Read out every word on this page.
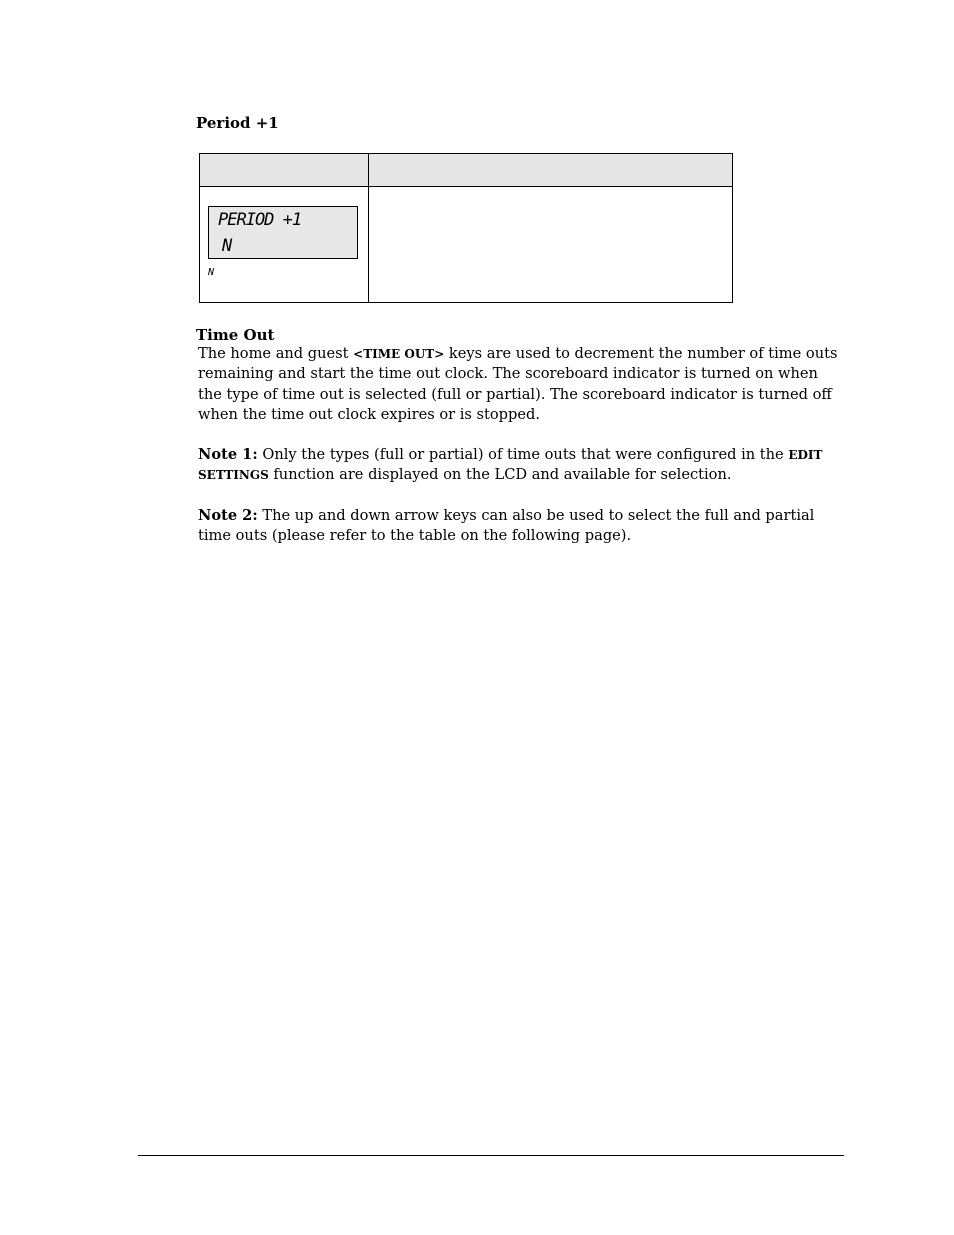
Period +1

PERIOD +1
N
N	

Time Out
The home and guest <TIME OUT> keys are used to decrement the number of time outs remaining and start the time out clock. The scoreboard indicator is turned on when the type of time out is selected (full or partial). The scoreboard indicator is turned off when the time out clock expires or is stopped.
Note 1: Only the types (full or partial) of time outs that were configured in the EDIT SETTINGS function are displayed on the LCD and available for selection.
Note 2: The up and down arrow keys can also be used to select the full and partial time outs (please refer to the table on the following page).
